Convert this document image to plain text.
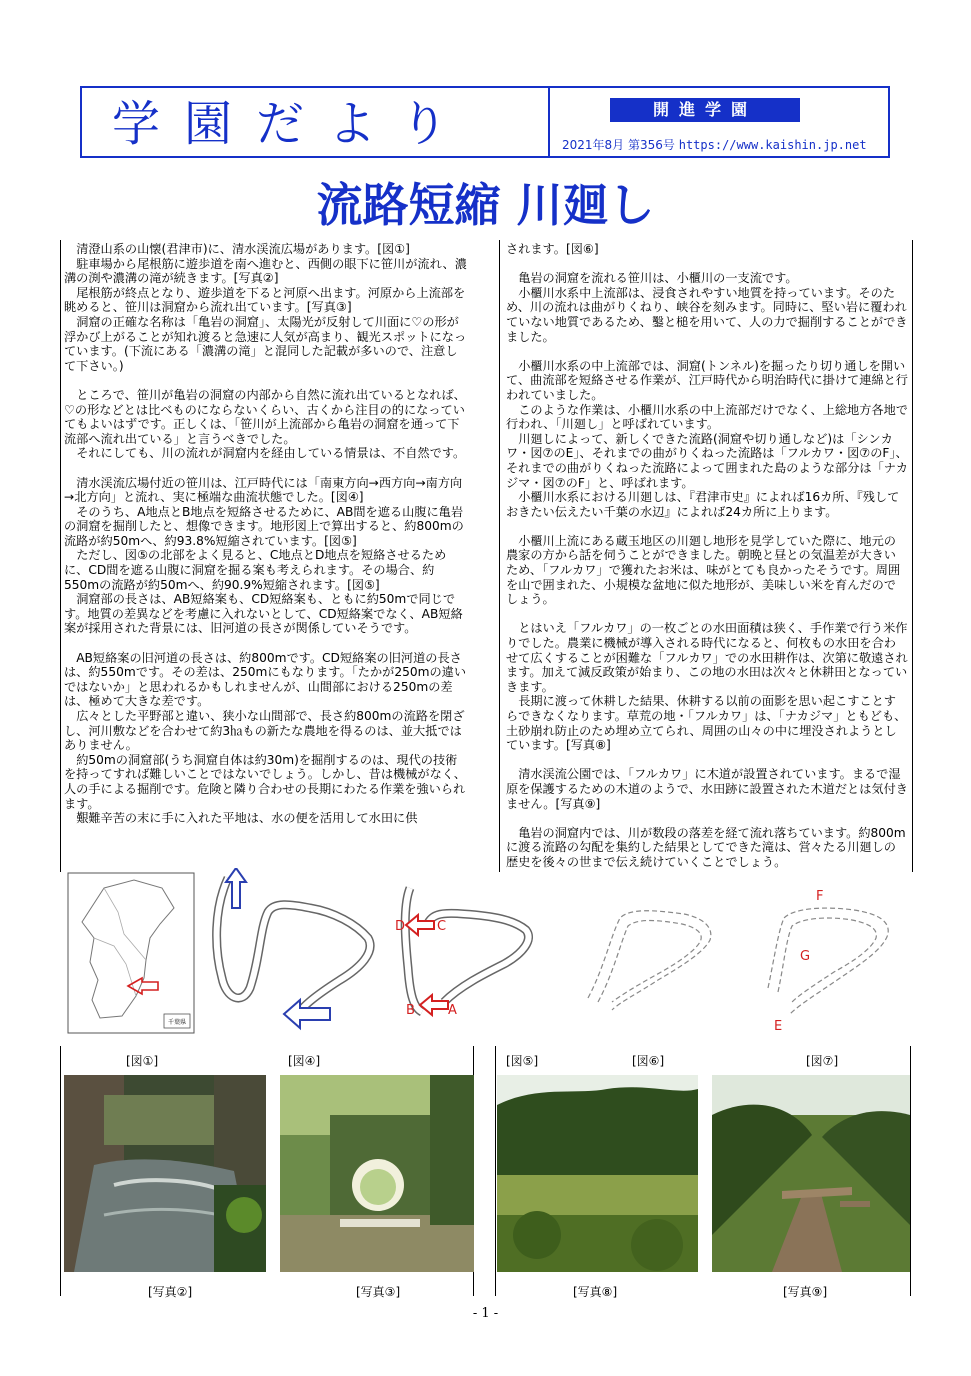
学園だより	開進学園
2021年8月 第356号 https://www.kaishin.jp.net
流路短縮 川廻し

清澄山系の山懐(君津市)に、清水渓流広場があります。[図①]

駐車場から尾根筋に遊歩道を南へ進むと、西側の眼下に笹川が流れ、濃溝の渕や濃溝の滝が続きます。[写真②]

尾根筋が終点となり、遊歩道を下ると河原へ出ます。河原から上流部を眺めると、笹川は洞窟から流れ出ています。[写真③]

洞窟の正確な名称は「亀岩の洞窟」、太陽光が反射して川面に♡の形が浮かび上がることが知れ渡ると急速に人気が高まり、観光スポットになっています。(下流にある「濃溝の滝」と混同した記載が多いので、注意して下さい。)

ところで、笹川が亀岩の洞窟の内部から自然に流れ出ているとなれば、♡の形などとは比べものにならないくらい、古くから注目の的になっていてもよいはずです。正しくは、「笹川が上流部から亀岩の洞窟を通って下流部へ流れ出ている」と言うべきでした。

それにしても、川の流れが洞窟内を経由している情景は、不自然です。

清水渓流広場付近の笹川は、江戸時代には「南東方向→西方向→南方向→北方向」と流れ、実に極端な曲流状態でした。[図④]

そのうち、A地点とB地点を短絡させるために、AB間を遮る山腹に亀岩の洞窟を掘削したと、想像できます。地形図上で算出すると、約800mの流路が約50mへ、約93.8%短縮されています。[図⑤]

ただし、図⑤の北部をよく見ると、C地点とD地点を短絡させるために、CD間を遮る山腹に洞窟を掘る案も考えられます。その場合、約550mの流路が約50mへ、約90.9%短縮されます。[図⑤]

洞窟部の長さは、AB短絡案も、CD短絡案も、ともに約50mで同じです。地質の差異などを考慮に入れないとして、CD短絡案でなく、AB短絡案が採用された背景には、旧河道の長さが関係していそうです。

AB短絡案の旧河道の長さは、約800mです。CD短絡案の旧河道の長さは、約550mです。その差は、250mにもなります。「たかが250mの違いではないか」と思われるかもしれませんが、山間部における250mの差は、極めて大きな差です。

広々とした平野部と違い、狭小な山間部で、長さ約800mの流路を閉ざし、河川敷などを合わせて約3㏊もの新たな農地を得るのは、並大抵ではありません。

約50mの洞窟部(うち洞窟自体は約30m)を掘削するのは、現代の技術を持ってすれば難しいことではないでしょう。しかし、昔は機械がなく、人の手による掘削です。危険と隣り合わせの長期にわたる作業を強いられます。

艱難辛苦の末に手に入れた平地は、水の便を活用して水田に供

されます。[図⑥]

亀岩の洞窟を流れる笹川は、小櫃川の一支流です。

小櫃川水系中上流部は、浸食されやすい地質を持っています。そのため、川の流れは曲がりくねり、峡谷を刻みます。同時に、堅い岩に覆われていない地質であるため、鑿と槌を用いて、人の力で掘削することができました。

小櫃川水系の中上流部では、洞窟(トンネル)を掘ったり切り通しを開いて、曲流部を短絡させる作業が、江戸時代から明治時代に掛けて連綿と行われていました。

このような作業は、小櫃川水系の中上流部だけでなく、上総地方各地で行われ、「川廻し」と呼ばれています。

川廻しによって、新しくできた流路(洞窟や切り通しなど)は「シンカワ・図⑦のE」、それまでの曲がりくねった流路は「フルカワ・図⑦のF」、それまでの曲がりくねった流路によって囲まれた島のような部分は「ナカジマ・図⑦のF」と、呼ばれます。

小櫃川水系における川廻しは、『君津市史』によれば16カ所、『残しておきたい伝えたい千葉の水辺』によれば24カ所に上ります。

小櫃川上流にある蔵玉地区の川廻し地形を見学していた際に、地元の農家の方から話を伺うことができました。朝晩と昼との気温差が大きいため、「フルカワ」で獲れたお米は、味がとても良かったそうです。周囲を山で囲まれた、小規模な盆地に似た地形が、美味しい米を育んだのでしょう。

とはいえ「フルカワ」の一枚ごとの水田面積は狭く、手作業で行う米作りでした。農業に機械が導入される時代になると、何枚もの水田を合わせて広くすることが困難な「フルカワ」での水田耕作は、次第に敬遠されます。加えて減反政策が始まり、この地の水田は次々と休耕田となっていきます。

長期に渡って休耕した結果、休耕する以前の面影を思い起こすことすらできなくなります。草荒の地・「フルカワ」は、「ナカジマ」ともども、土砂崩れ防止のため埋め立てられ、周囲の山々の中に埋没されようとしています。[写真⑧]

清水渓流公園では、「フルカワ」に木道が設置されています。まるで湿原を保護するための木道のようで、水田跡に設置された木道だとは気付きません。[写真⑨]

亀岩の洞窟内では、川が数段の落差を経て流れ落ちています。約800mに渡る流路の勾配を集約した結果としてできた滝は、営々たる川廻しの歴史を後々の世まで伝え続けていくことでしょう。

千葉県
D C
B	A
F
G
E
[図①]	[図④]	[図⑤]	[図⑥]	[図⑦]
[写真②]	[写真③]	[写真⑧]	[写真⑨]
- 1 -
